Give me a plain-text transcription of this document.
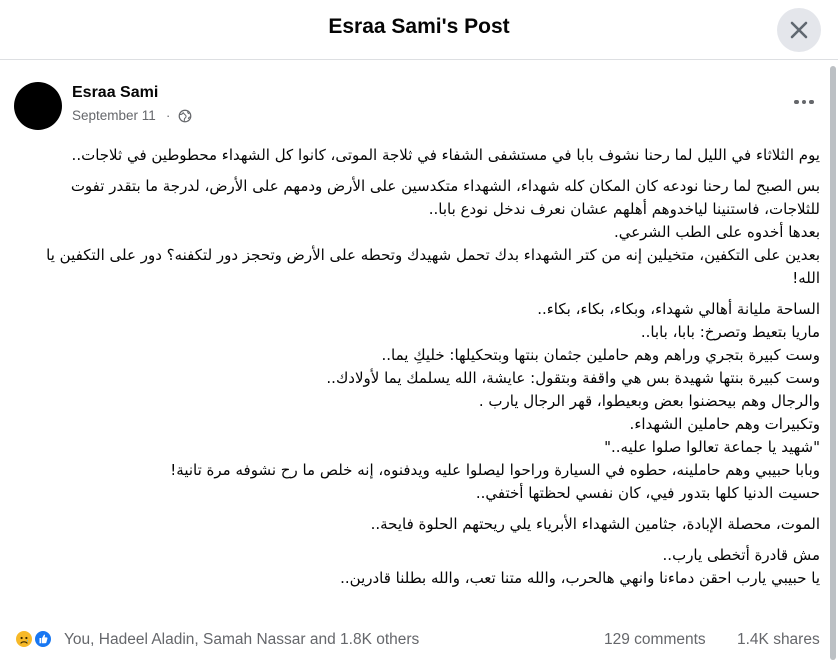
Esraa Sami's Post
Esraa Sami
September 11 ·

يوم الثلاثاء في الليل لما رحنا نشوف بابا في مستشفى الشفاء في ثلاجة الموتى، كانوا كل الشهداء محطوطين في ثلاجات..

بس الصبح لما رحنا نودعه كان المكان كله شهداء، الشهداء متكدسين على الأرض ودمهم على الأرض، لدرجة ما بتقدر تفوت للثلاجات، فاستنينا لياخدوهم أهلهم عشان نعرف ندخل نودع بابا..

بعدها أخدوه على الطب الشرعي.

بعدين على التكفين، متخيلين إنه من كتر الشهداء بدك تحمل شهيدك وتحطه على الأرض وتحجز دور لتكفنه؟ دور على التكفين يا الله!

الساحة مليانة أهالي شهداء، وبكاء، بكاء، بكاء..

ماريا بتعيط وتصرخ: بابا، بابا..

وست كبيرة بتجري وراهم وهم حاملين جثمان بنتها وبتحكيلها: خليكِ يما..

وست كبيرة بنتها شهيدة بس هي واقفة وبتقول: عايشة، الله يسلمك يما لأولادك..

والرجال وهم بيحضنوا بعض وبعيطوا، قهر الرجال يارب .

وتكبيرات وهم حاملين الشهداء.

"شهيد يا جماعة تعالوا صلوا عليه.."

وبابا حبيبي وهم حاملينه، حطوه في السيارة وراحوا ليصلوا عليه ويدفنوه، إنه خلص ما رح نشوفه مرة تانية!

حسيت الدنيا كلها بتدور فيي، كان نفسي لحظتها أختفي..

الموت، محصلة الإبادة، جثامين الشهداء الأبرياء يلي ريحتهم الحلوة فايحة..

مش قادرة أتخطى يارب..

يا حبيبي يارب احقن دماءنا وانهي هالحرب، والله متنا تعب، والله بطلنا قادرين..

You, Hadeel Aladin, Samah Nassar and 1.8K others	129 comments 1.4K shares
